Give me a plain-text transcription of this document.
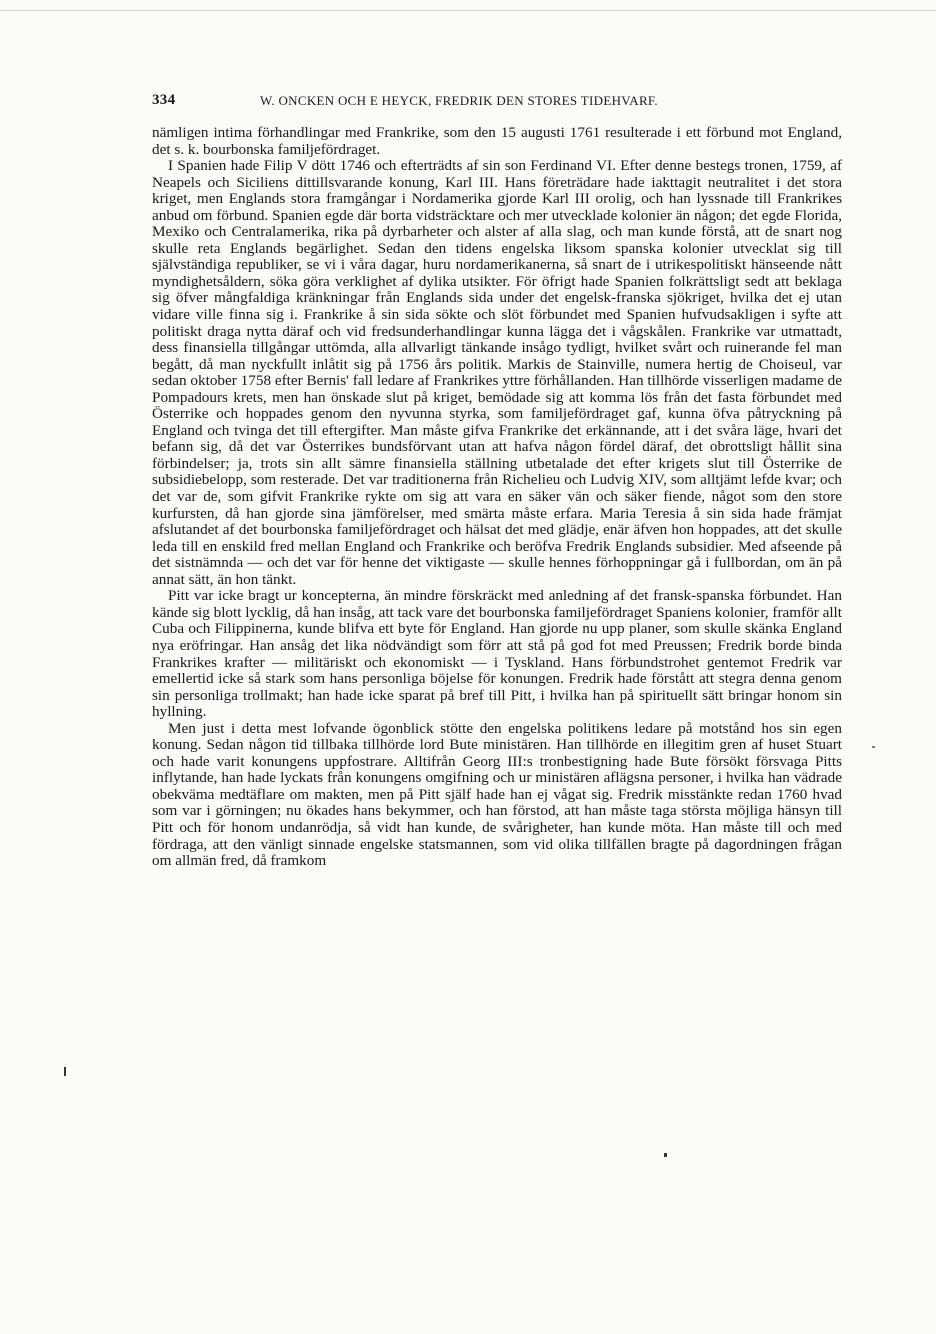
334	W. ONCKEN OCH E HEYCK, FREDRIK DEN STORES TIDEHVARF.

nämligen intima förhandlingar med Frankrike, som den 15 augusti 1761 resulterade i ett förbund mot England, det s. k. bourbonska familjefördraget.

I Spanien hade Filip V dött 1746 och efterträdts af sin son Ferdinand VI. Efter denne bestegs tronen, 1759, af Neapels och Siciliens dittillsvarande konung, Karl III. Hans företrädare hade iakttagit neutralitet i det stora kriget, men Englands stora framgångar i Nordamerika gjorde Karl III orolig, och han lyssnade till Frankrikes anbud om förbund. Spanien egde där borta vidsträcktare och mer utvecklade kolonier än någon; det egde Florida, Mexiko och Centralamerika, rika på dyrbarheter och alster af alla slag, och man kunde förstå, att de snart nog skulle reta Englands begärlighet. Sedan den tidens engelska liksom spanska kolonier utvecklat sig till självständiga republiker, se vi i våra dagar, huru nordamerikanerna, så snart de i utrikespolitiskt hänseende nått myndighetsåldern, söka göra verklighet af dylika utsikter. För öfrigt hade Spanien folkrättsligt sedt att beklaga sig öfver mångfaldiga kränkningar från Englands sida under det engelsk-franska sjökriget, hvilka det ej utan vidare ville finna sig i. Frankrike å sin sida sökte och slöt förbundet med Spanien hufvudsakligen i syfte att politiskt draga nytta däraf och vid fredsunderhandlingar kunna lägga det i vågskålen. Frankrike var utmattadt, dess finansiella tillgångar uttömda, alla allvarligt tänkande insågo tydligt, hvilket svårt och ruinerande fel man begått, då man nyckfullt inlåtit sig på 1756 års politik. Markis de Stainville, numera hertig de Choiseul, var sedan oktober 1758 efter Bernis' fall ledare af Frankrikes yttre förhållanden. Han tillhörde visserligen madame de Pompadours krets, men han önskade slut på kriget, bemödade sig att komma lös från det fasta förbundet med Österrike och hoppades genom den nyvunna styrka, som familjefördraget gaf, kunna öfva påtryckning på England och tvinga det till eftergifter. Man måste gifva Frankrike det erkännande, att i det svåra läge, hvari det befann sig, då det var Österrikes bundsförvant utan att hafva någon fördel däraf, det obrottsligt hållit sina förbindelser; ja, trots sin allt sämre finansiella ställning utbetalade det efter krigets slut till Österrike de subsidiebelopp, som resterade. Det var traditionerna från Richelieu och Ludvig XIV, som alltjämt lefde kvar; och det var de, som gifvit Frankrike rykte om sig att vara en säker vän och säker fiende, något som den store kurfursten, då han gjorde sina jämförelser, med smärta måste erfara. Maria Teresia å sin sida hade främjat afslutandet af det bourbonska familjefördraget och hälsat det med glädje, enär äfven hon hoppades, att det skulle leda till en enskild fred mellan England och Frankrike och beröfva Fredrik Englands subsidier. Med afseende på det sistnämnda — och det var för henne det viktigaste — skulle hennes förhoppningar gå i fullbordan, om än på annat sätt, än hon tänkt.

Pitt var icke bragt ur koncepterna, än mindre förskräckt med anledning af det fransk-spanska förbundet. Han kände sig blott lycklig, då han insåg, att tack vare det bourbonska familjefördraget Spaniens kolonier, framför allt Cuba och Filippinerna, kunde blifva ett byte för England. Han gjorde nu upp planer, som skulle skänka England nya eröfringar. Han ansåg det lika nödvändigt som förr att stå på god fot med Preussen; Fredrik borde binda Frankrikes krafter — militäriskt och ekonomiskt — i Tyskland. Hans förbundstrohet gentemot Fredrik var emellertid icke så stark som hans personliga böjelse för konungen. Fredrik hade förstått att stegra denna genom sin personliga trollmakt; han hade icke sparat på bref till Pitt, i hvilka han på spirituellt sätt bringar honom sin hyllning.

Men just i detta mest lofvande ögonblick stötte den engelska politikens ledare på motstånd hos sin egen konung. Sedan någon tid tillbaka tillhörde lord Bute ministären. Han tillhörde en illegitim gren af huset Stuart och hade varit konungens uppfostrare. Alltifrån Georg III:s tronbestigning hade Bute försökt försvaga Pitts inflytande, han hade lyckats från konungens omgifning och ur ministären aflägsna personer, i hvilka han vädrade obekväma medtäflare om makten, men på Pitt själf hade han ej vågat sig. Fredrik misstänkte redan 1760 hvad som var i görningen; nu ökades hans bekymmer, och han förstod, att han måste taga största möjliga hänsyn till Pitt och för honom undanrödja, så vidt han kunde, de svårigheter, han kunde möta. Han måste till och med fördraga, att den vänligt sinnade engelske statsmannen, som vid olika tillfällen bragte på dagordningen frågan om allmän fred, då framkom
